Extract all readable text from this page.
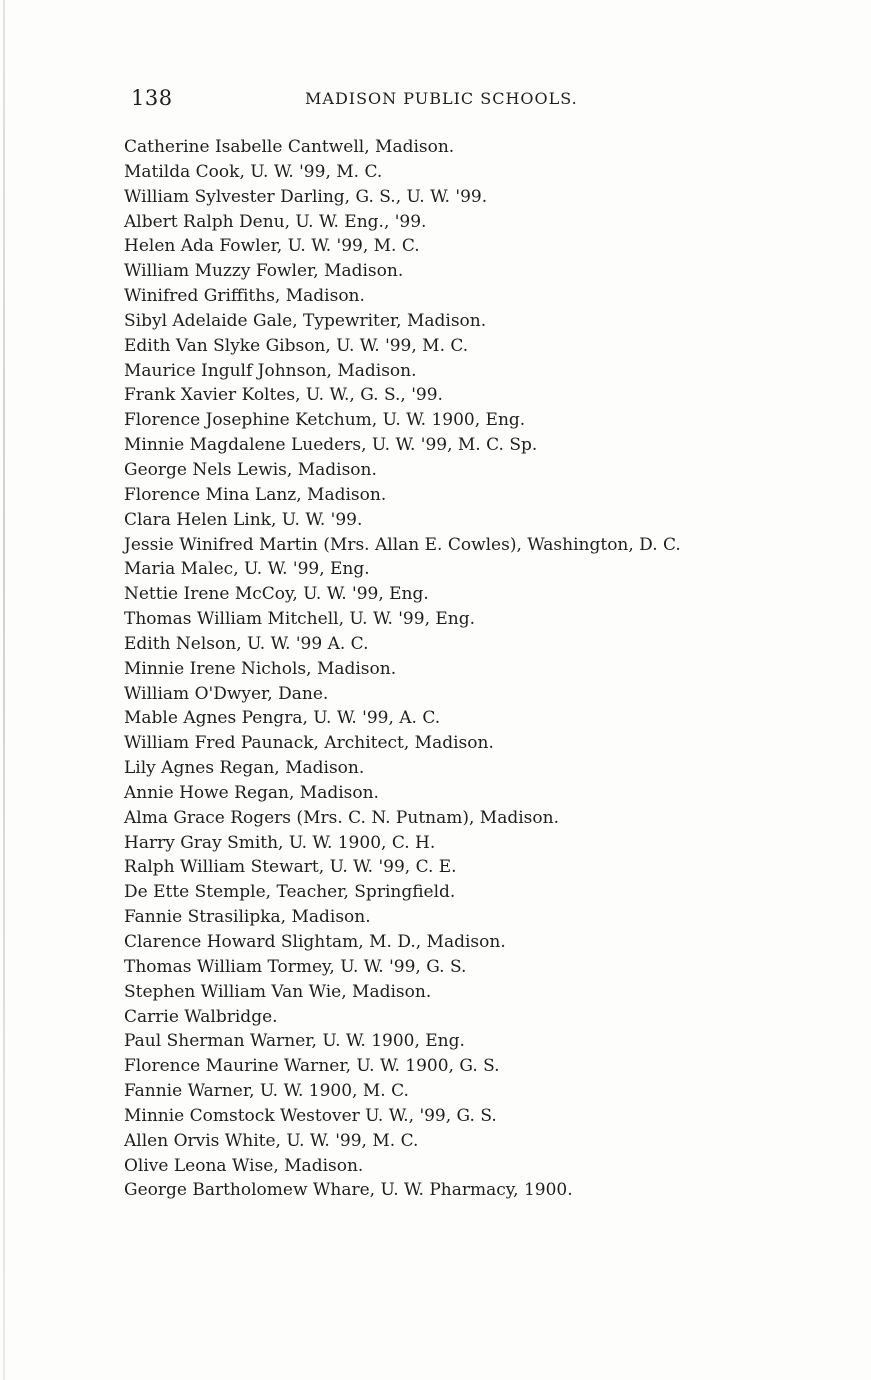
138	MADISON PUBLIC SCHOOLS.
Catherine Isabelle Cantwell, Madison.
Matilda Cook, U. W. '99, M. C.
William Sylvester Darling, G. S., U. W. '99.
Albert Ralph Denu, U. W. Eng., '99.
Helen Ada Fowler, U. W. '99, M. C.
William Muzzy Fowler, Madison.
Winifred Griffiths, Madison.
Sibyl Adelaide Gale, Typewriter, Madison.
Edith Van Slyke Gibson, U. W. '99, M. C.
Maurice Ingulf Johnson, Madison.
Frank Xavier Koltes, U. W., G. S., '99.
Florence Josephine Ketchum, U. W. 1900, Eng.
Minnie Magdalene Lueders, U. W. '99, M. C. Sp.
George Nels Lewis, Madison.
Florence Mina Lanz, Madison.
Clara Helen Link, U. W. '99.
Jessie Winifred Martin (Mrs. Allan E. Cowles), Washington, D. C.
Maria Malec, U. W. '99, Eng.
Nettie Irene McCoy, U. W. '99, Eng.
Thomas William Mitchell, U. W. '99, Eng.
Edith Nelson, U. W. '99 A. C.
Minnie Irene Nichols, Madison.
William O'Dwyer, Dane.
Mable Agnes Pengra, U. W. '99, A. C.
William Fred Paunack, Architect, Madison.
Lily Agnes Regan, Madison.
Annie Howe Regan, Madison.
Alma Grace Rogers (Mrs. C. N. Putnam), Madison.
Harry Gray Smith, U. W. 1900, C. H.
Ralph William Stewart, U. W. '99, C. E.
De Ette Stemple, Teacher, Springfield.
Fannie Strasilipka, Madison.
Clarence Howard Slightam, M. D., Madison.
Thomas William Tormey, U. W. '99, G. S.
Stephen William Van Wie, Madison.
Carrie Walbridge.
Paul Sherman Warner, U. W. 1900, Eng.
Florence Maurine Warner, U. W. 1900, G. S.
Fannie Warner, U. W. 1900, M. C.
Minnie Comstock Westover U. W., '99, G. S.
Allen Orvis White, U. W. '99, M. C.
Olive Leona Wise, Madison.
George Bartholomew Whare, U. W. Pharmacy, 1900.
